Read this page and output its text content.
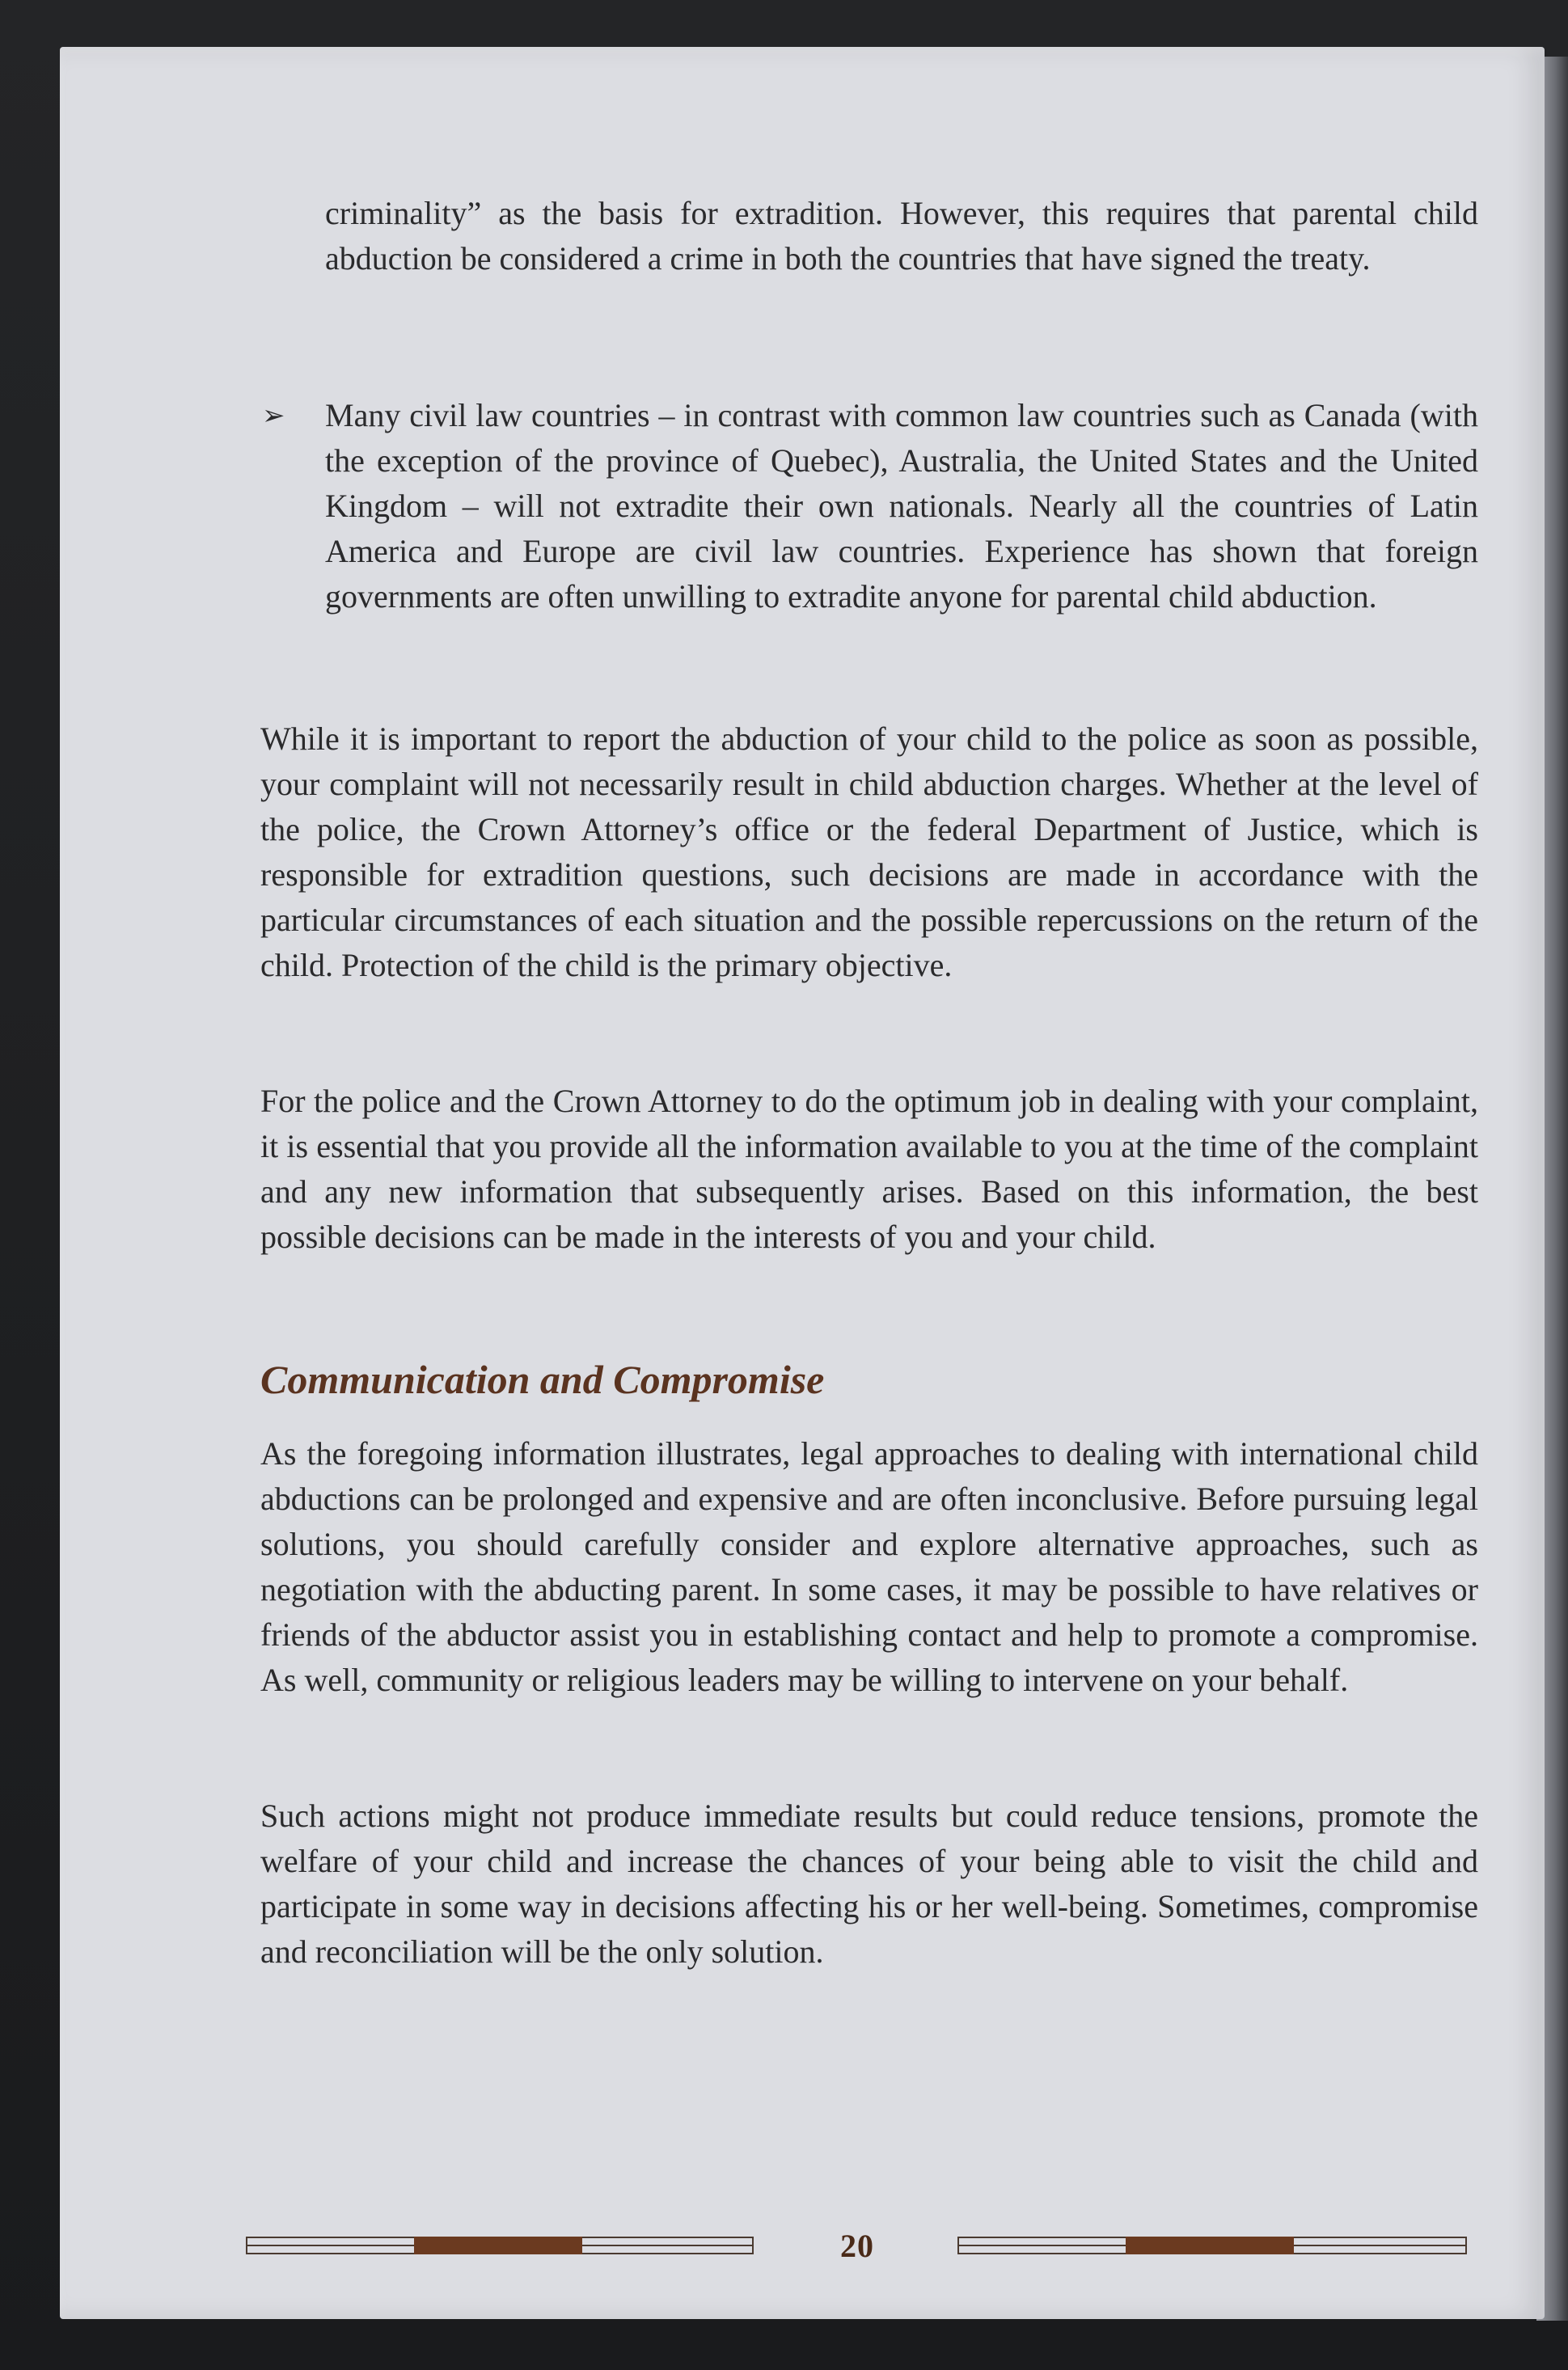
criminality” as the basis for extradition. However, this requires that parental child abduction be considered a crime in both the countries that have signed the treaty.
➢	Many civil law countries – in contrast with common law countries such as Canada (with the exception of the province of Quebec), Australia, the United States and the United Kingdom – will not extradite their own nationals. Nearly all the countries of Latin America and Europe are civil law countries. Experience has shown that foreign governments are often unwilling to extradite anyone for parental child abduction.
While it is important to report the abduction of your child to the police as soon as possible, your complaint will not necessarily result in child abduction charges. Whether at the level of the police, the Crown Attorney’s office or the federal Department of Justice, which is responsible for extradition questions, such decisions are made in accordance with the particular circumstances of each situation and the possible repercussions on the return of the child. Protection of the child is the primary objective.
For the police and the Crown Attorney to do the optimum job in dealing with your complaint, it is essential that you provide all the information available to you at the time of the complaint and any new information that subsequently arises. Based on this information, the best possible decisions can be made in the interests of you and your child.
Communication and Compromise
As the foregoing information illustrates, legal approaches to dealing with international child abductions can be prolonged and expensive and are often inconclusive. Before pursuing legal solutions, you should carefully consider and explore alternative approaches, such as negotiation with the abducting parent. In some cases, it may be possible to have relatives or friends of the abductor assist you in establishing contact and help to promote a compromise. As well, community or religious leaders may be willing to intervene on your behalf.
Such actions might not produce immediate results but could reduce tensions, promote the welfare of your child and increase the chances of your being able to visit the child and participate in some way in decisions affecting his or her well-being. Sometimes, compromise and reconciliation will be the only solution.
20
